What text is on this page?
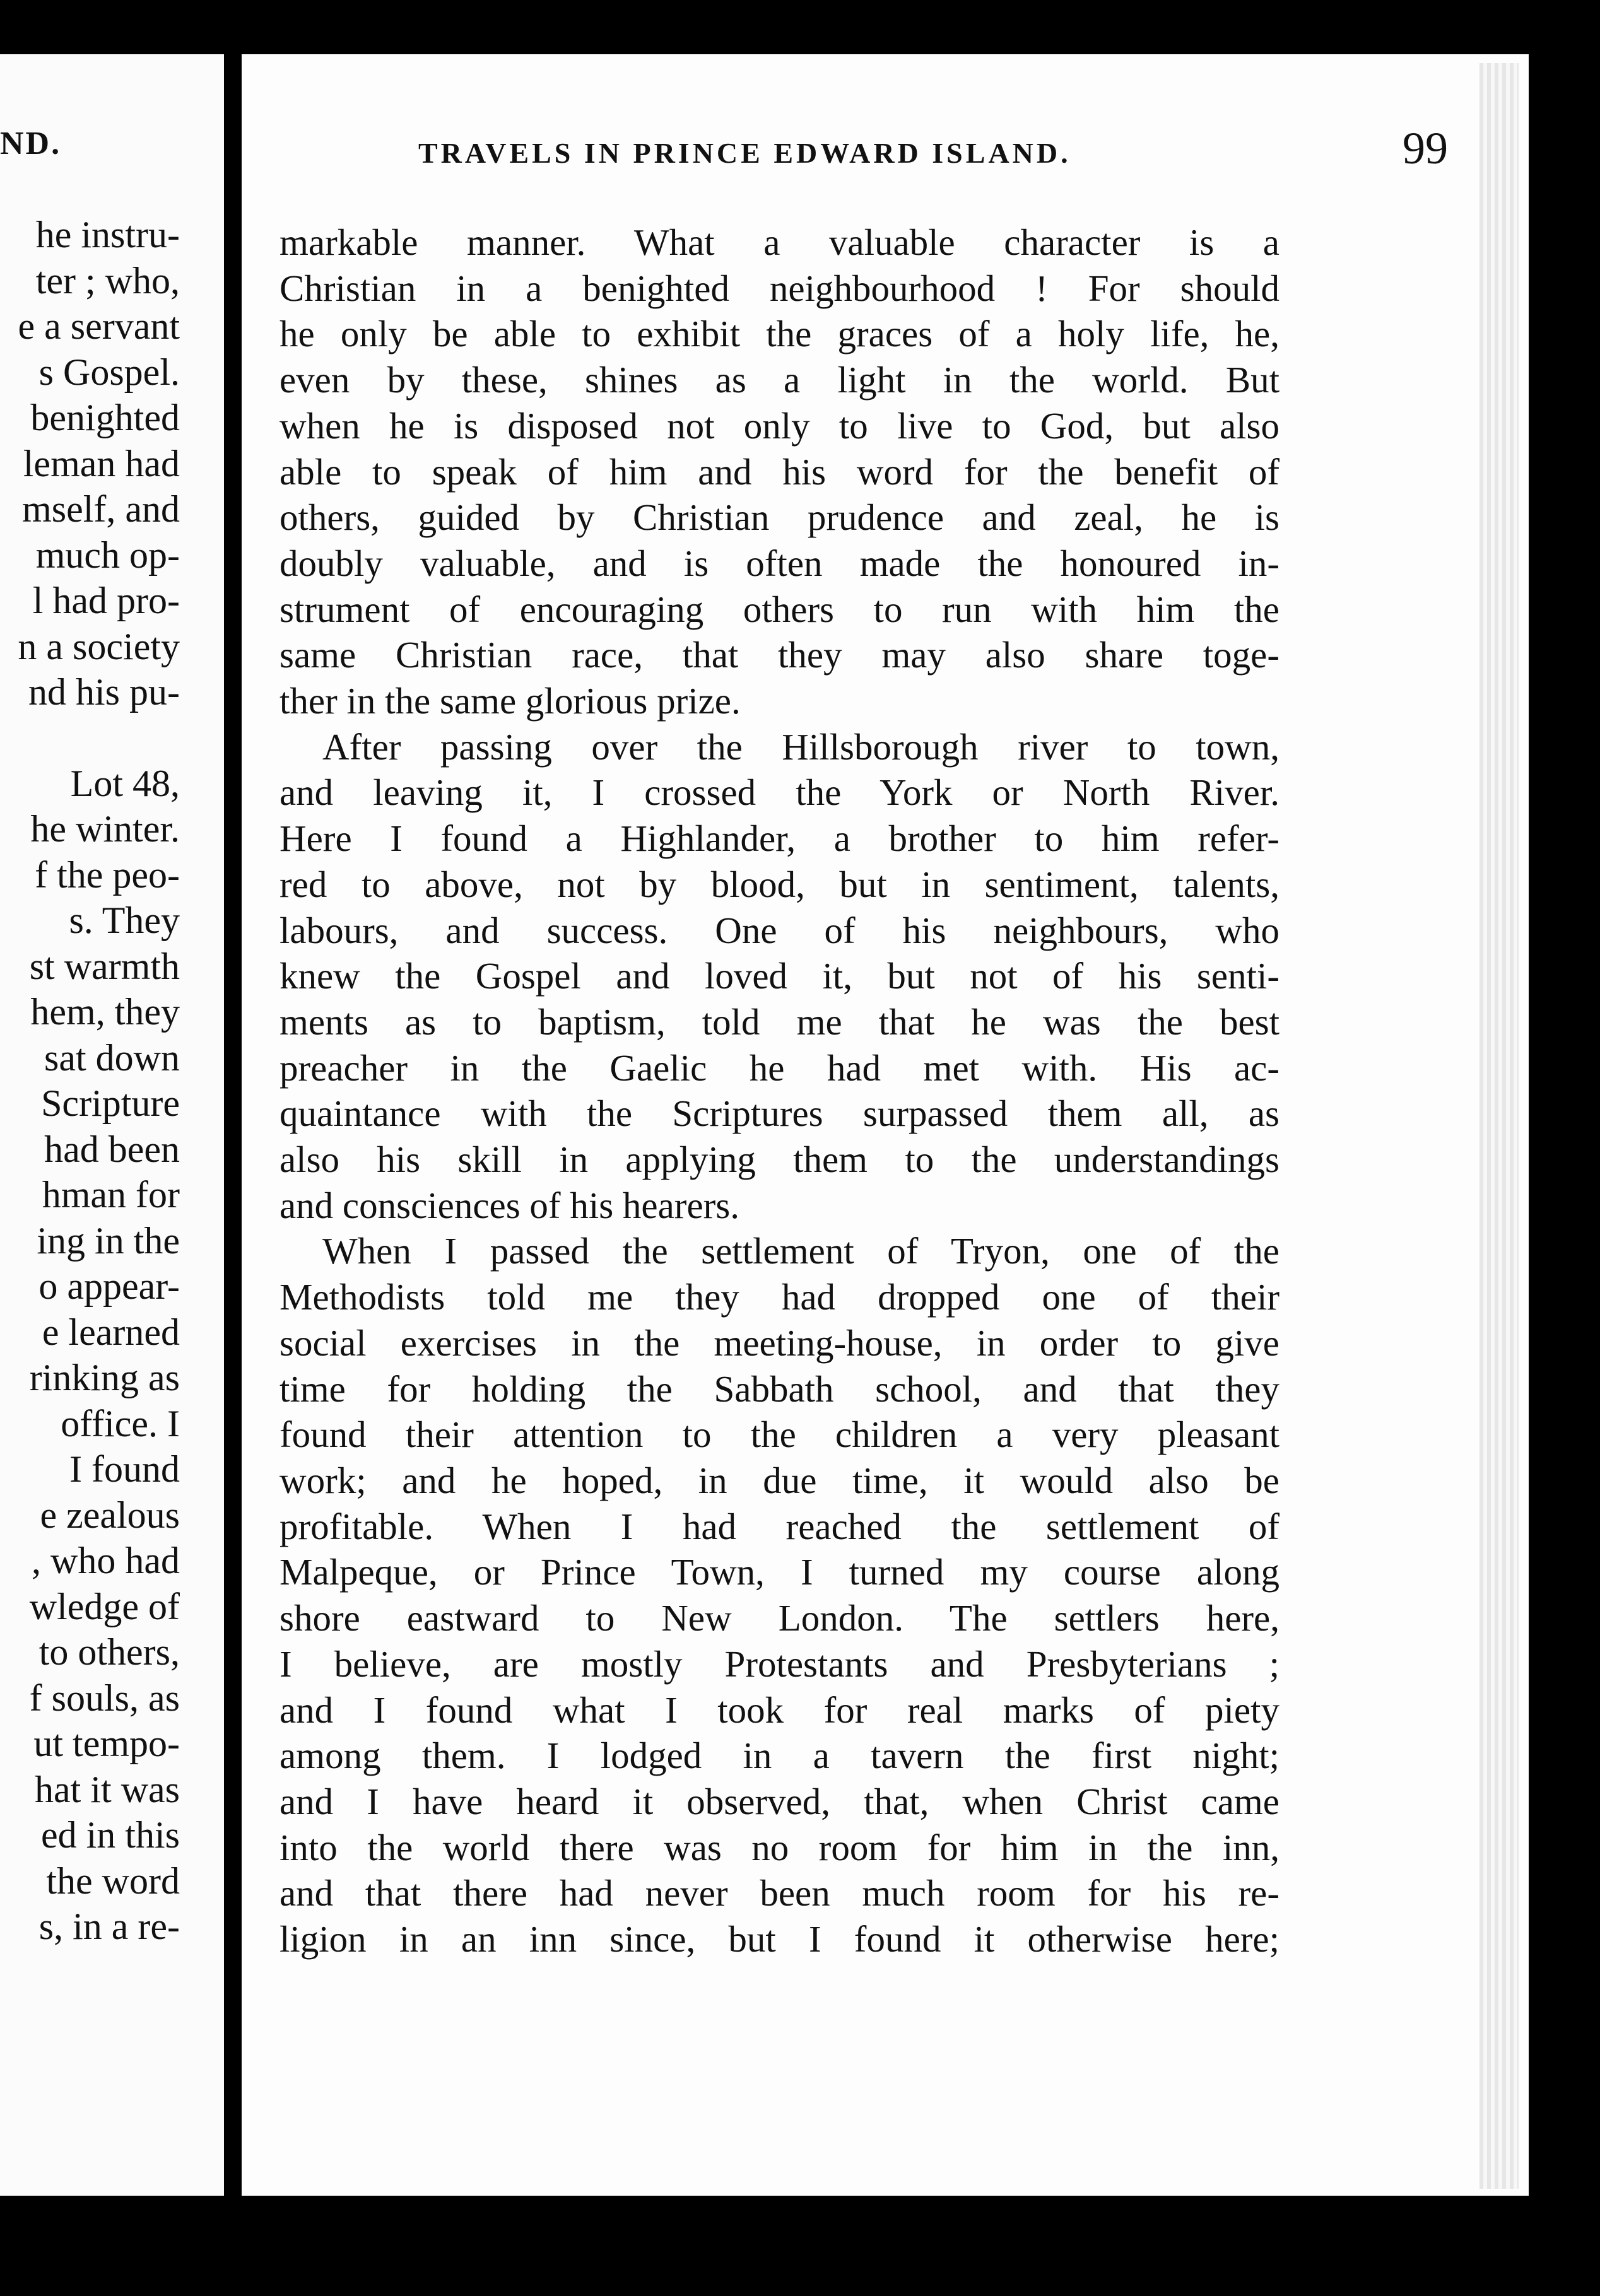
ND.
he instru-
ter ; who,
e a servant
s Gospel.
benighted
leman had
mself, and
much op-
l had pro-
n a society
nd his pu-
Lot 48,
he winter.
f the peo-
s. They
st warmth
hem, they
sat down
Scripture
had been
hman for
ing in the
o appear-
e learned
rinking as
office. I
I found
e zealous
, who had
wledge of
to others,
f souls, as
ut tempo-
hat it was
ed in this
the word
s, in a re-
TRAVELS IN PRINCE EDWARD ISLAND.	99
markable manner. What a valuable character is a
Christian in a benighted neighbourhood ! For should
he only be able to exhibit the graces of a holy life, he,
even by these, shines as a light in the world. But
when he is disposed not only to live to God, but also
able to speak of him and his word for the benefit of
others, guided by Christian prudence and zeal, he is
doubly valuable, and is often made the honoured in-
strument of encouraging others to run with him the
same Christian race, that they may also share toge-
ther in the same glorious prize.
After passing over the Hillsborough river to town,
and leaving it, I crossed the York or North River.
Here I found a Highlander, a brother to him refer-
red to above, not by blood, but in sentiment, talents,
labours, and success. One of his neighbours, who
knew the Gospel and loved it, but not of his senti-
ments as to baptism, told me that he was the best
preacher in the Gaelic he had met with. His ac-
quaintance with the Scriptures surpassed them all, as
also his skill in applying them to the understandings
and consciences of his hearers.
When I passed the settlement of Tryon, one of the
Methodists told me they had dropped one of their
social exercises in the meeting-house, in order to give
time for holding the Sabbath school, and that they
found their attention to the children a very pleasant
work; and he hoped, in due time, it would also be
profitable. When I had reached the settlement of
Malpeque, or Prince Town, I turned my course along
shore eastward to New London. The settlers here,
I believe, are mostly Protestants and Presbyterians ;
and I found what I took for real marks of piety
among them. I lodged in a tavern the first night;
and I have heard it observed, that, when Christ came
into the world there was no room for him in the inn,
and that there had never been much room for his re-
ligion in an inn since, but I found it otherwise here;
